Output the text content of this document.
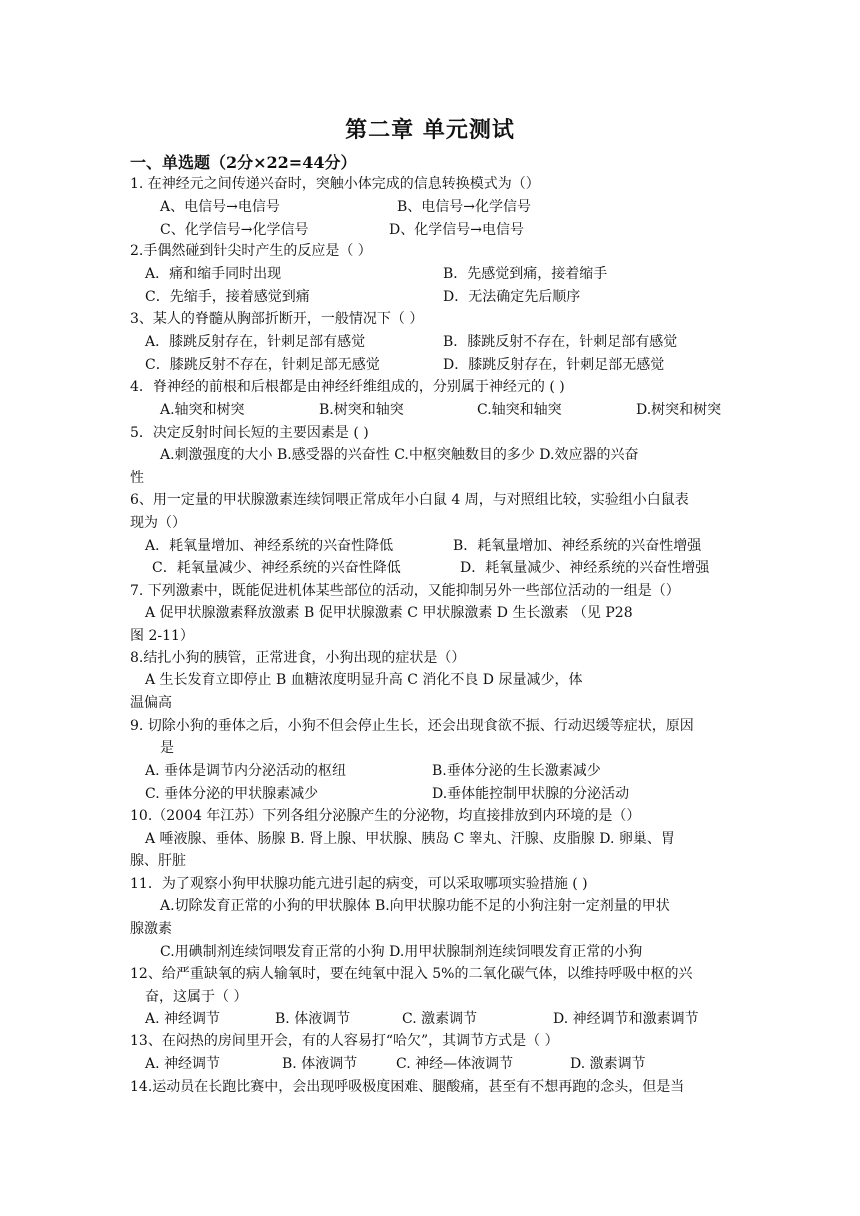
第二章 单元测试
一、单选题（2分×22=44分）
1. 在神经元之间传递兴奋时，突触小体完成的信息转换模式为（）
A、电信号→电信号	B、电信号→化学信号
C、化学信号→化学信号	D、化学信号→电信号
2.手偶然碰到针尖时产生的反应是（ ）
A．痛和缩手同时出现	B．先感觉到痛，接着缩手
C．先缩手，接着感觉到痛	D．无法确定先后顺序
3、某人的脊髓从胸部折断开，一般情况下（ ）
A．膝跳反射存在，针刺足部有感觉	B．膝跳反射不存在，针刺足部有感觉
C．膝跳反射不存在，针刺足部无感觉	D．膝跳反射存在，针刺足部无感觉
4．脊神经的前根和后根都是由神经纤维组成的，分别属于神经元的 ( )
A.轴突和树突	B.树突和轴突	C.轴突和轴突	D.树突和树突
5．决定反射时间长短的主要因素是 ( )
A.刺激强度的大小 B.感受器的兴奋性 C.中枢突触数目的多少 D.效应器的兴奋
性
6、用一定量的甲状腺激素连续饲喂正常成年小白鼠 4 周，与对照组比较，实验组小白鼠表
现为（）
A．耗氧量增加、神经系统的兴奋性降低	B．耗氧量增加、神经系统的兴奋性增强
C．耗氧量减少、神经系统的兴奋性降低	D．耗氧量减少、神经系统的兴奋性增强
7. 下列激素中，既能促进机体某些部位的活动，又能抑制另外一些部位活动的一组是（）
A 促甲状腺激素释放激素 B 促甲状腺激素 C 甲状腺激素 D 生长激素 （见 P28
图 2-11）
8.结扎小狗的胰管，正常进食，小狗出现的症状是（）
A 生长发育立即停止 B 血糖浓度明显升高 C 消化不良 D 尿量减少，体
温偏高
9. 切除小狗的垂体之后，小狗不但会停止生长，还会出现食欲不振、行动迟缓等症状，原因
是
A. 垂体是调节内分泌活动的枢纽	B.垂体分泌的生长激素减少
C. 垂体分泌的甲状腺素减少	D.垂体能控制甲状腺的分泌活动
10.（2004 年江苏）下列各组分泌腺产生的分泌物，均直接排放到内环境的是（）
A 唾液腺、垂体、肠腺 B. 肾上腺、甲状腺、胰岛 C 睾丸、汗腺、皮脂腺 D. 卵巢、胃
腺、肝脏
11．为了观察小狗甲状腺功能亢进引起的病变，可以采取哪项实验措施 ( )
A.切除发育正常的小狗的甲状腺体 B.向甲状腺功能不足的小狗注射一定剂量的甲状
腺激素
C.用碘制剂连续饲喂发育正常的小狗 D.用甲状腺制剂连续饲喂发育正常的小狗
12、给严重缺氧的病人输氧时，要在纯氧中混入 5%的二氧化碳气体，以维持呼吸中枢的兴
奋，这属于（ ）
A. 神经调节	B. 体液调节	C. 激素调节	D. 神经调节和激素调节
13、在闷热的房间里开会，有的人容易打“哈欠”，其调节方式是（ ）
A. 神经调节	B. 体液调节	C. 神经—体液调节	D. 激素调节
14.运动员在长跑比赛中，会出现呼吸极度困难、腿酸痛，甚至有不想再跑的念头，但是当
